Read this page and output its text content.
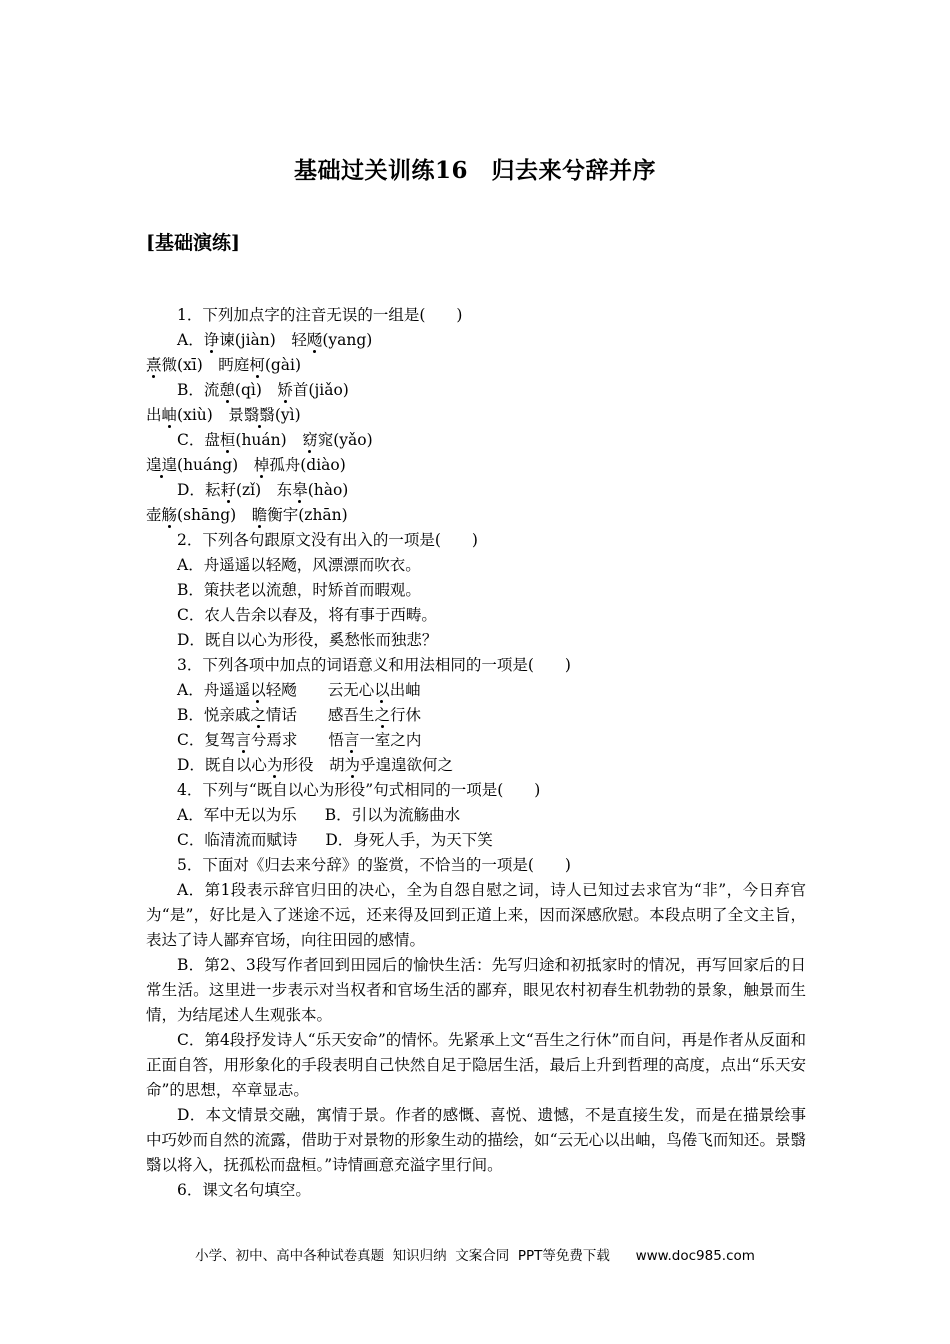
基础过关训练16　归去来兮辞并序
[基础演练]
1．下列加点字的注音无误的一组是(　　)
A．诤谏(jiàn)　轻飏(yang)
熹微(xī)　眄庭柯(gài)
B．流憩(qì)　矫首(jiǎo)
出岫(xiù)　景翳翳(yì)
C．盘桓(huán)　窈窕(yǎo)
遑遑(huáng)　棹孤舟(diào)
D．耘耔(zǐ)　东皋(hào)
壶觞(shāng)　瞻衡宇(zhān)
2．下列各句跟原文没有出入的一项是(　　)
A．舟遥遥以轻飏，风漂漂而吹衣。
B．策扶老以流憩，时矫首而暇观。
C．农人告余以春及，将有事于西畴。
D．既自以心为形役，奚愁怅而独悲？
3．下列各项中加点的词语意义和用法相同的一项是(　　)
A．舟遥遥以轻飏　　云无心以出岫
B．悦亲戚之情话　　感吾生之行休
C．复驾言兮焉求　　悟言一室之内
D．既自以心为形役　胡为乎遑遑欲何之
4．下列与“既自以心为形役”句式相同的一项是(　　)
A．军中无以为乐 B．引以为流觞曲水
C．临清流而赋诗 D．身死人手，为天下笑
5．下面对《归去来兮辞》的鉴赏，不恰当的一项是(　　)
A．第1段表示辞官归田的决心，全为自怨自慰之词，诗人已知过去求官为“非”，今日弃官为“是”，好比是入了迷途不远，还来得及回到正道上来，因而深感欣慰。本段点明了全文主旨，表达了诗人鄙弃官场，向往田园的感情。
B．第2、3段写作者回到田园后的愉快生活：先写归途和初抵家时的情况，再写回家后的日常生活。这里进一步表示对当权者和官场生活的鄙弃，眼见农村初春生机勃勃的景象，触景而生情，为结尾述人生观张本。
C．第4段抒发诗人“乐天安命”的情怀。先紧承上文“吾生之行休”而自问，再是作者从反面和正面自答，用形象化的手段表明自己快然自足于隐居生活，最后上升到哲理的高度，点出“乐天安命”的思想，卒章显志。
D．本文情景交融，寓情于景。作者的感慨、喜悦、遗憾，不是直接生发，而是在描景绘事中巧妙而自然的流露，借助于对景物的形象生动的描绘，如“云无心以出岫，鸟倦飞而知还。景翳翳以将入，抚孤松而盘桓。”诗情画意充溢字里行间。
6．课文名句填空。
小学、初中、高中各种试卷真题  知识归纳  文案合同  PPT等免费下载      www.doc985.com
